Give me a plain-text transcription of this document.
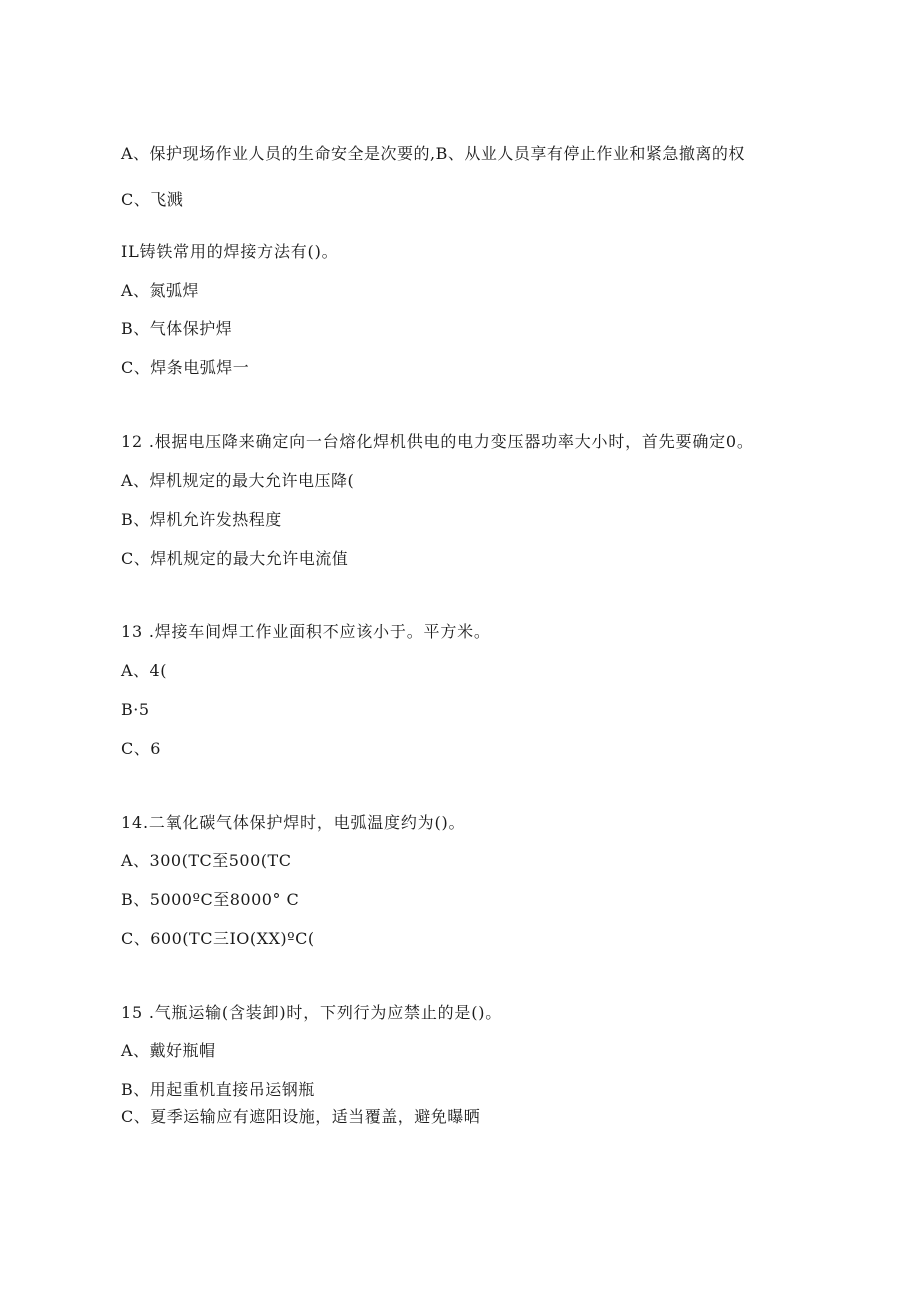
A、保护现场作业人员的生命安全是次要的,B、从业人员享有停止作业和紧急撤离的权
C、飞溅
IL铸铁常用的焊接方法有()。
A、氮弧焊
B、气体保护焊
C、焊条电弧焊一
12 .根据电压降来确定向一台熔化焊机供电的电力变压器功率大小时，首先要确定0。
A、焊机规定的最大允许电压降(
B、焊机允许发热程度
C、焊机规定的最大允许电流值
13 .焊接车间焊工作业面积不应该小于。平方米。
A、4(
B·5
C、6
14.二氧化碳气体保护焊时，电弧温度约为()。
A、300(TC至500(TC
B、5000ºC至8000° C
C、600(TC三IO(XX)ºC(
15 .气瓶运输(含装卸)时，下列行为应禁止的是()。
A、戴好瓶帽
B、用起重机直接吊运钢瓶
C、夏季运输应有遮阳设施，适当覆盖，避免曝晒
